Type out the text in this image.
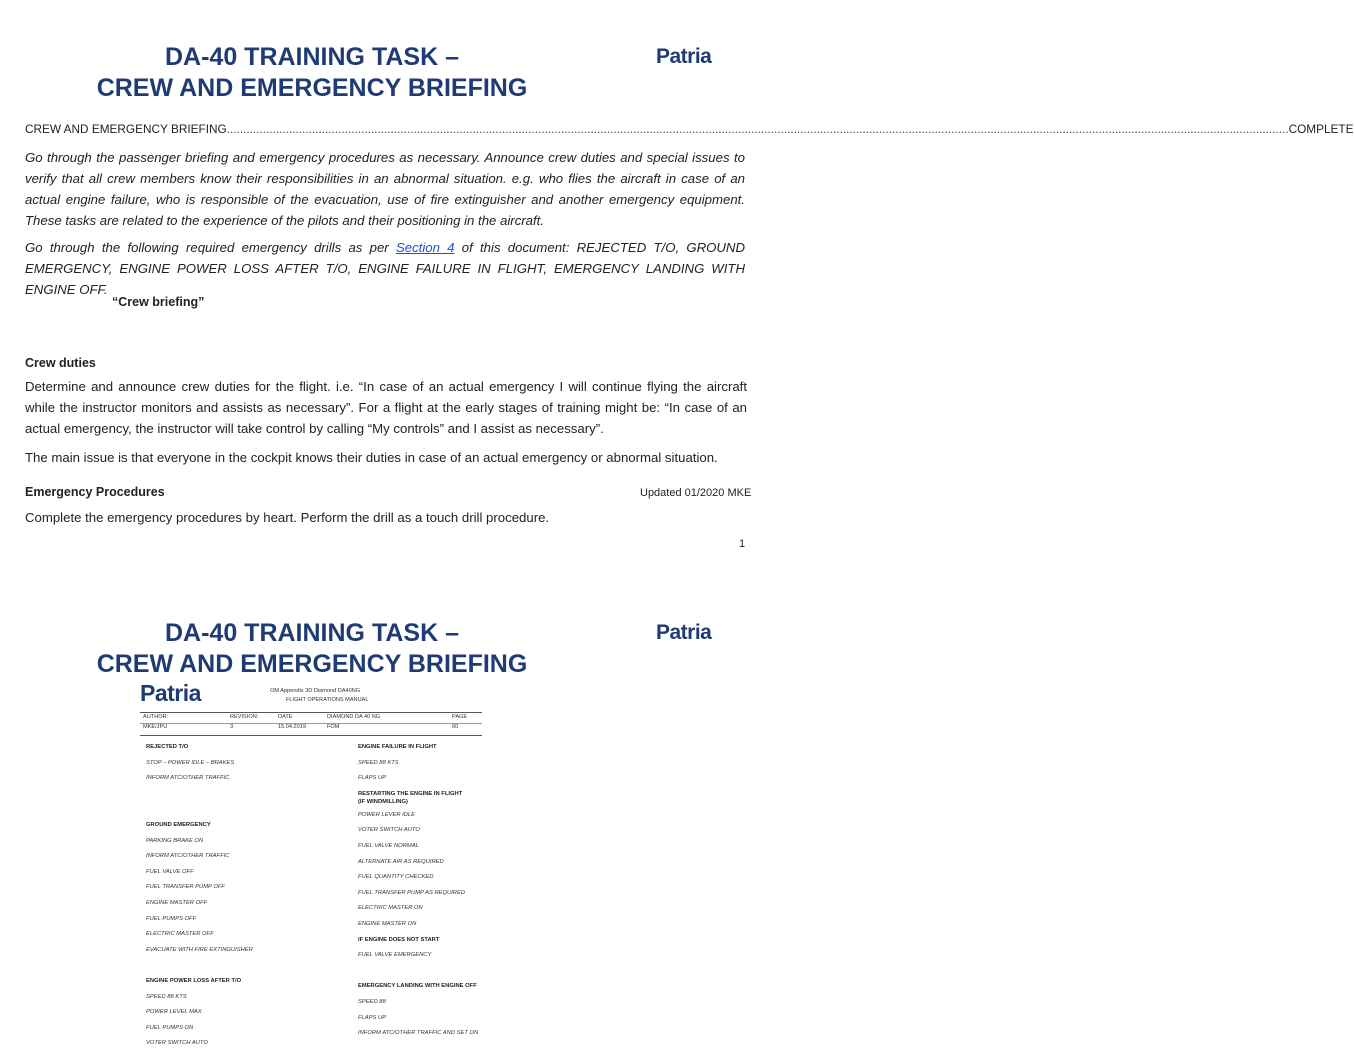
DA-40 TRAINING TASK –
CREW AND EMERGENCY BRIEFING
Patria
CREW AND EMERGENCY BRIEFING
.....	COMPLETE
Go through the passenger briefing and emergency procedures as necessary. Announce crew duties and special issues to verify that all crew members know their responsibilities in an abnormal situation. e.g. who flies the aircraft in case of an actual engine failure, who is responsible of the evacuation, use of fire extinguisher and another emergency equipment. These tasks are related to the experience of the pilots and their positioning in the aircraft.
Go through the following required emergency drills as per Section 4 of this document: REJECTED T/O, GROUND EMERGENCY, ENGINE POWER LOSS AFTER T/O, ENGINE FAILURE IN FLIGHT, EMERGENCY LANDING WITH ENGINE OFF.
“Crew briefing”
Crew duties
Determine and announce crew duties for the flight. i.e. “In case of an actual emergency I will continue flying the aircraft while the instructor monitors and assists as necessary”. For a flight at the early stages of training might be: “In case of an actual emergency, the instructor will take control by calling “My controls” and I assist as necessary”.
The main issue is that everyone in the cockpit knows their duties in case of an actual emergency or abnormal situation.
Emergency Procedures	Updated 01/2020 MKE
Complete the emergency procedures by heart. Perform the drill as a touch drill procedure.
1
DA-40 TRAINING TASK –
CREW AND EMERGENCY BRIEFING
Patria
Patria	OM Appendix 3D Diamond DA40NG
FLIGHT OPERATIONS MANUAL
AUTHOR:
MKE/JPU
REVISION:
3
DATE
15.04.2019
DIAMOND DA 40 NG
FOM
PAGE
60
REJECTED T/O
STOP – POWER IDLE – BRAKES
INFORM ATC/OTHER TRAFFIC

GROUND EMERGENCY
PARKING BRAKE ON
INFORM ATC/OTHER TRAFFIC
FUEL VALVE OFF
FUEL TRANSFER PUMP OFF
ENGINE MASTER OFF
FUEL PUMPS OFF
ELECTRIC MASTER OFF
EVACUATE WITH FIRE EXTINGUISHER

ENGINE POWER LOSS AFTER T/O
SPEED 88 KTS
POWER LEVEL MAX
FUEL PUMPS ON
VOTER SWITCH AUTO
ENGINE FAILURE IN FLIGHT
SPEED 88 KTS
FLAPS UP
RESTARTING THE ENGINE IN FLIGHT
(IF WINDMILLING)
POWER LEVER IDLE
VOTER SWITCH AUTO
FUEL VALVE NORMAL
ALTERNATE AIR AS REQUIRED
FUEL QUANTITY CHECKED
FUEL TRANSFER PUMP AS REQUIRED
ELECTRIC MASTER ON
ENGINE MASTER ON
IF ENGINE DOES NOT START
FUEL VALVE EMERGENCY

EMERGENCY LANDING WITH ENGINE OFF
SPEED 88
FLAPS UP
INFORM ATC/OTHER TRAFFIC AND SET ON
